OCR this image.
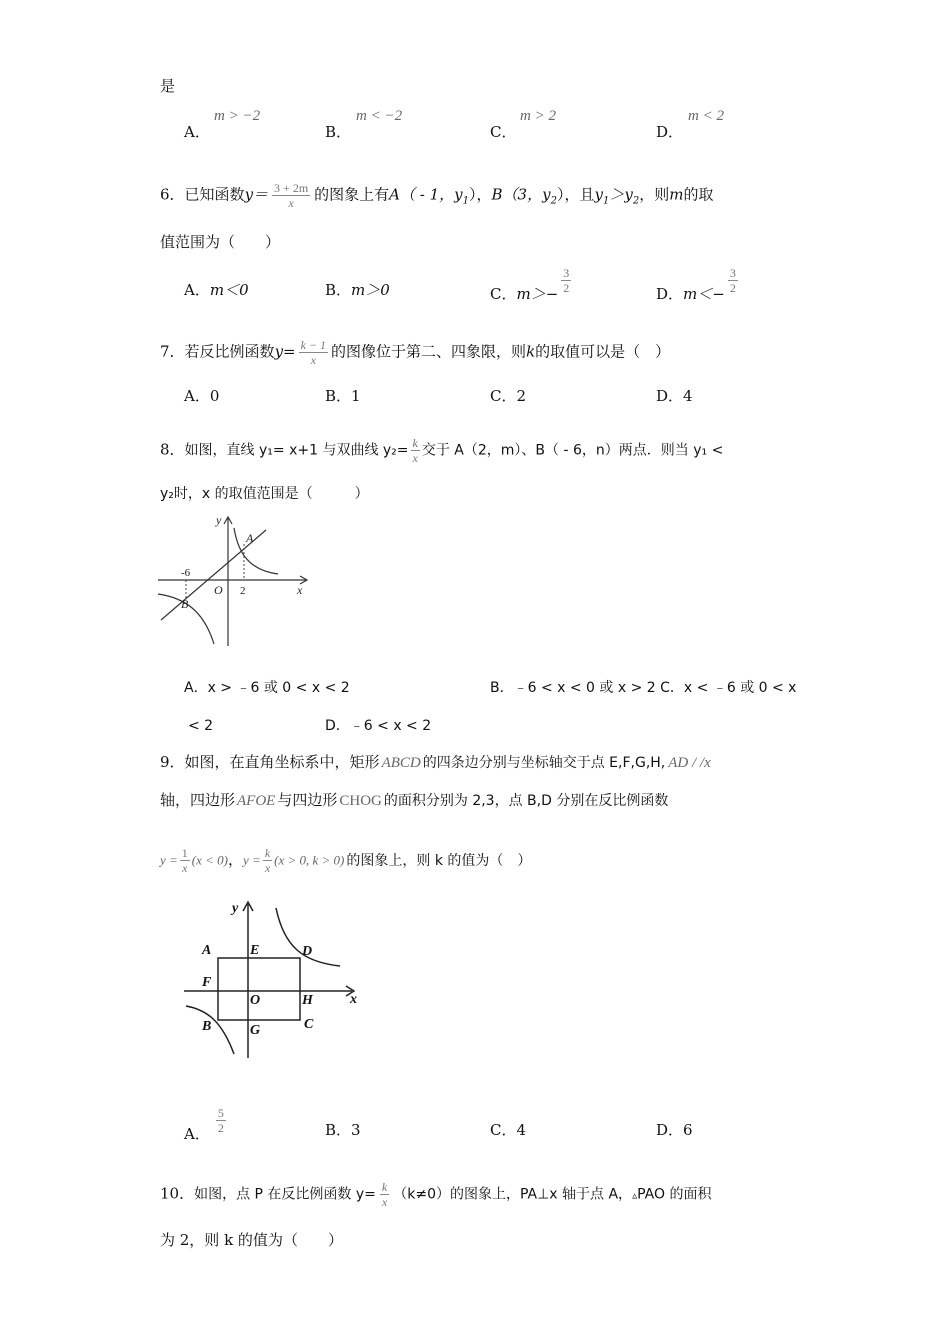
是
A．
m > −2
B．
m < −2
C．
m > 2
D．
m < 2
6．已知函数$y= \frac{3 + 2m}{x}$ 的图象上有A（ - 1，$y_1$），B（3，$y_2$），且$y_1>y_2$，则m的取
值范围为（　　）
A．m＜0	B．m＞0	C．$m>- \frac{3}{2}$	D．$m<- \frac{3}{2}$
7．若反比例函数$y= \frac{k - 1}{x}$ 的图像位于第二、四象限，则k的取值可以是（　）
A．0	B．1	C．2	D．4
8．如图，直线 y₁= x+1 与双曲线 $y_2= \frac{k}{x}$ 交于 A（2，m）、B（ - 6，n）两点．则当 y₁ <
y₂时，x 的取值范围是（　　　）
y
x
O
A
B
-6
2
A．x > ﹣6 或 0 < x < 2	B．﹣6 < x < 0 或 x > 2 C．x < ﹣6 或 0 < x
< 2	D．﹣6 < x < 2
9．如图，在直角坐标系中，矩形 ABCD 的四条边分别与坐标轴交于点 E,F,G,H, AD / /x
轴，四边形 AFOE 与四边形 CHOG 的面积分别为 2,3，点 B,D 分别在反比例函数
$y = \frac{1}{x} (x < 0)$，$y = \frac{k}{x} (x > 0$, k > 0) 的图象上，则 k 的值为（　）
y
x
A	E	D
F
O	H
B	G	C
A． $\frac{5}{2}$	B．3	C．4	D．6
10．如图，点 P 在反比例函数 $y= \frac{k}{x} (k\ne 0)$的图象上，PA⊥x 轴于点 A，▵PAO 的面积
为 2，则 k 的值为（　　）
